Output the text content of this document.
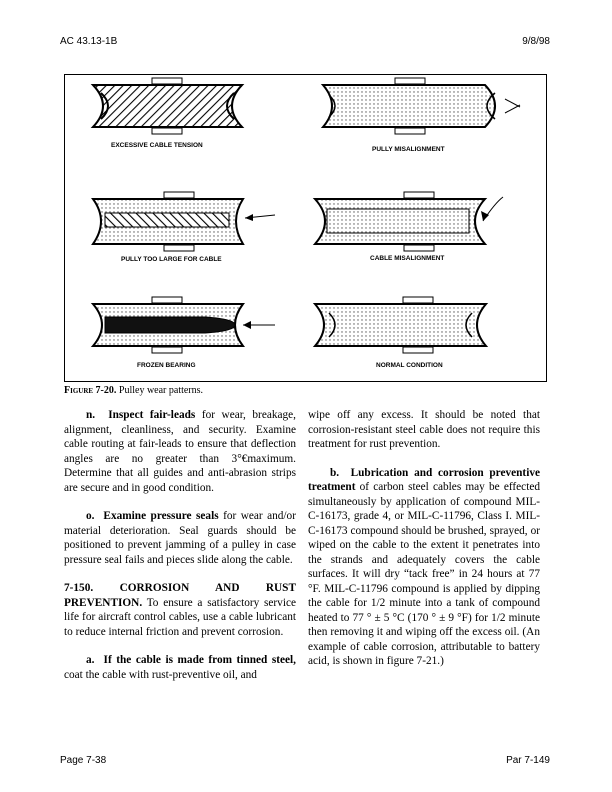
AC 43.13-1B	9/8/98
EXCESSIVE CABLE TENSION
PULLY MISALIGNMENT
PULLY TOO LARGE FOR CABLE	CABLE MISALIGNMENT
FROZEN BEARING	NORMAL CONDITION
Figure 7-20. Pulley wear patterns.

n. Inspect fair-leads for wear, breakage, alignment, cleanliness, and security. Examine cable routing at fair-leads to ensure that deflection angles are no greater than 3°€maximum. Determine that all guides and anti-abrasion strips are secure and in good condition.

o. Examine pressure seals for wear and/or material deterioration. Seal guards should be positioned to prevent jamming of a pulley in case pressure seal fails and pieces slide along the cable.

7-150. CORROSION AND RUST PREVENTION. To ensure a satisfactory service life for aircraft control cables, use a cable lubricant to reduce internal friction and prevent corrosion.

a. If the cable is made from tinned steel, coat the cable with rust-preventive oil, and

wipe off any excess. It should be noted that corrosion-resistant steel cable does not require this treatment for rust prevention.

b. Lubrication and corrosion preventive treatment of carbon steel cables may be effected simultaneously by application of compound MIL-C-16173, grade 4, or MIL-C-11796, Class I. MIL-C-16173 compound should be brushed, sprayed, or wiped on the cable to the extent it penetrates into the strands and adequately covers the cable surfaces. It will dry “tack free” in 24 hours at 77 °F. MIL-C-11796 compound is applied by dipping the cable for 1/2 minute into a tank of compound heated to 77 ° ± 5 °C (170 ° ± 9 °F) for 1/2 minute then removing it and wiping off the excess oil. (An example of cable corrosion, attributable to battery acid, is shown in figure 7-21.)

Page 7-38	Par 7-149
